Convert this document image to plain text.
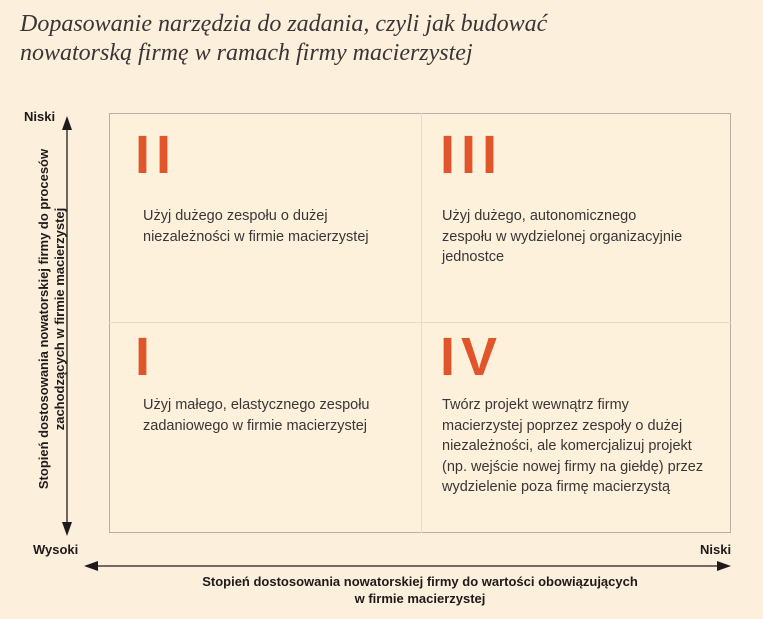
Dopasowanie narzędzia do zadania, czyli jak budować
nowatorską firmę w ramach firmy macierzystej
II
Użyj dużego zespołu o dużej
niezależności w firmie macierzystej
III
Użyj dużego, autonomicznego
zespołu w wydzielonej organizacyjnie
jednostce
I
Użyj małego, elastycznego zespołu
zadaniowego w firmie macierzystej
IV
Twórz projekt wewnątrz firmy
macierzystej poprzez zespoły o dużej
niezależności, ale komercjalizuj projekt
(np. wejście nowej firmy na giełdę) przez
wydzielenie poza firmę macierzystą
Niski
Wysoki	Niski
Stopień dostosowania nowatorskiej firmy do procesów zachodzących w firmie macierzystej
Stopień dostosowania nowatorskiej firmy do wartości obowiązujących
w firmie macierzystej
